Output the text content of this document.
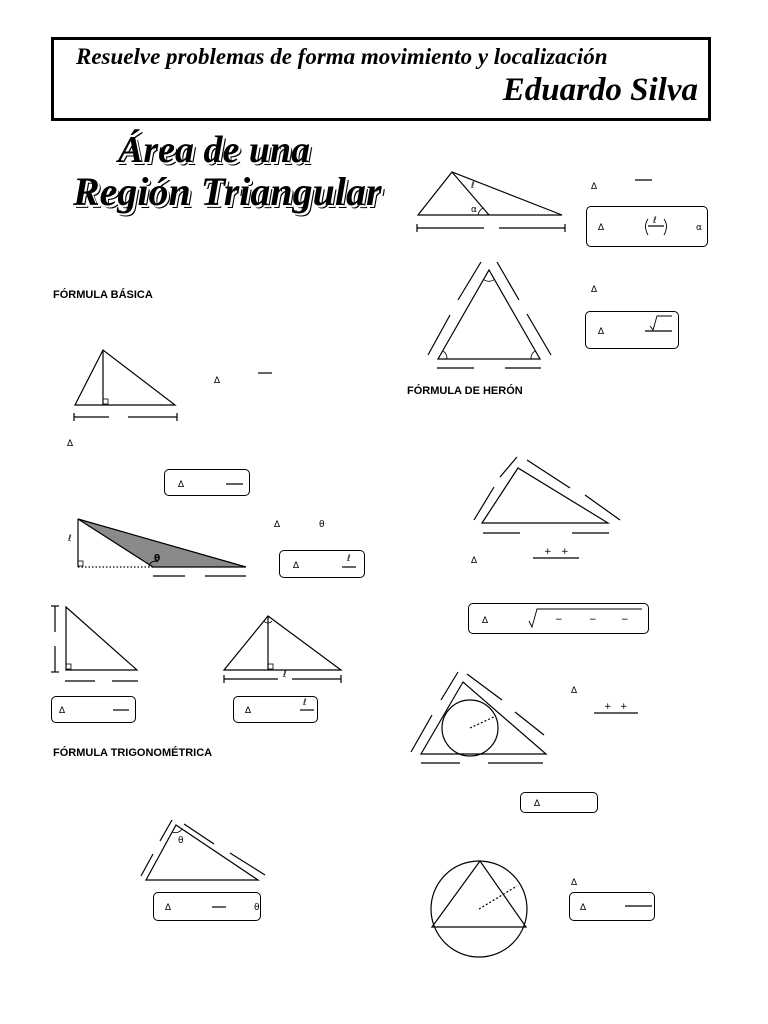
Resuelve problemas de forma movimiento y localización
Eduardo Silva
Área de una
Región Triangular
FÓRMULA BÁSICA
FÓRMULA TRIGONOMÉTRICA
FÓRMULA DE HERÓN
∆
∆
∆
∆	θ
∆
ℓ
θ
ℓ
∆	∆
ℓ
ℓ
∆	θ
θ
∆
∆
ℓ
α
α
ℓ
∆
∆
∆
+ +
∆	−	−	−
∆
+ +
∆
∆
∆
